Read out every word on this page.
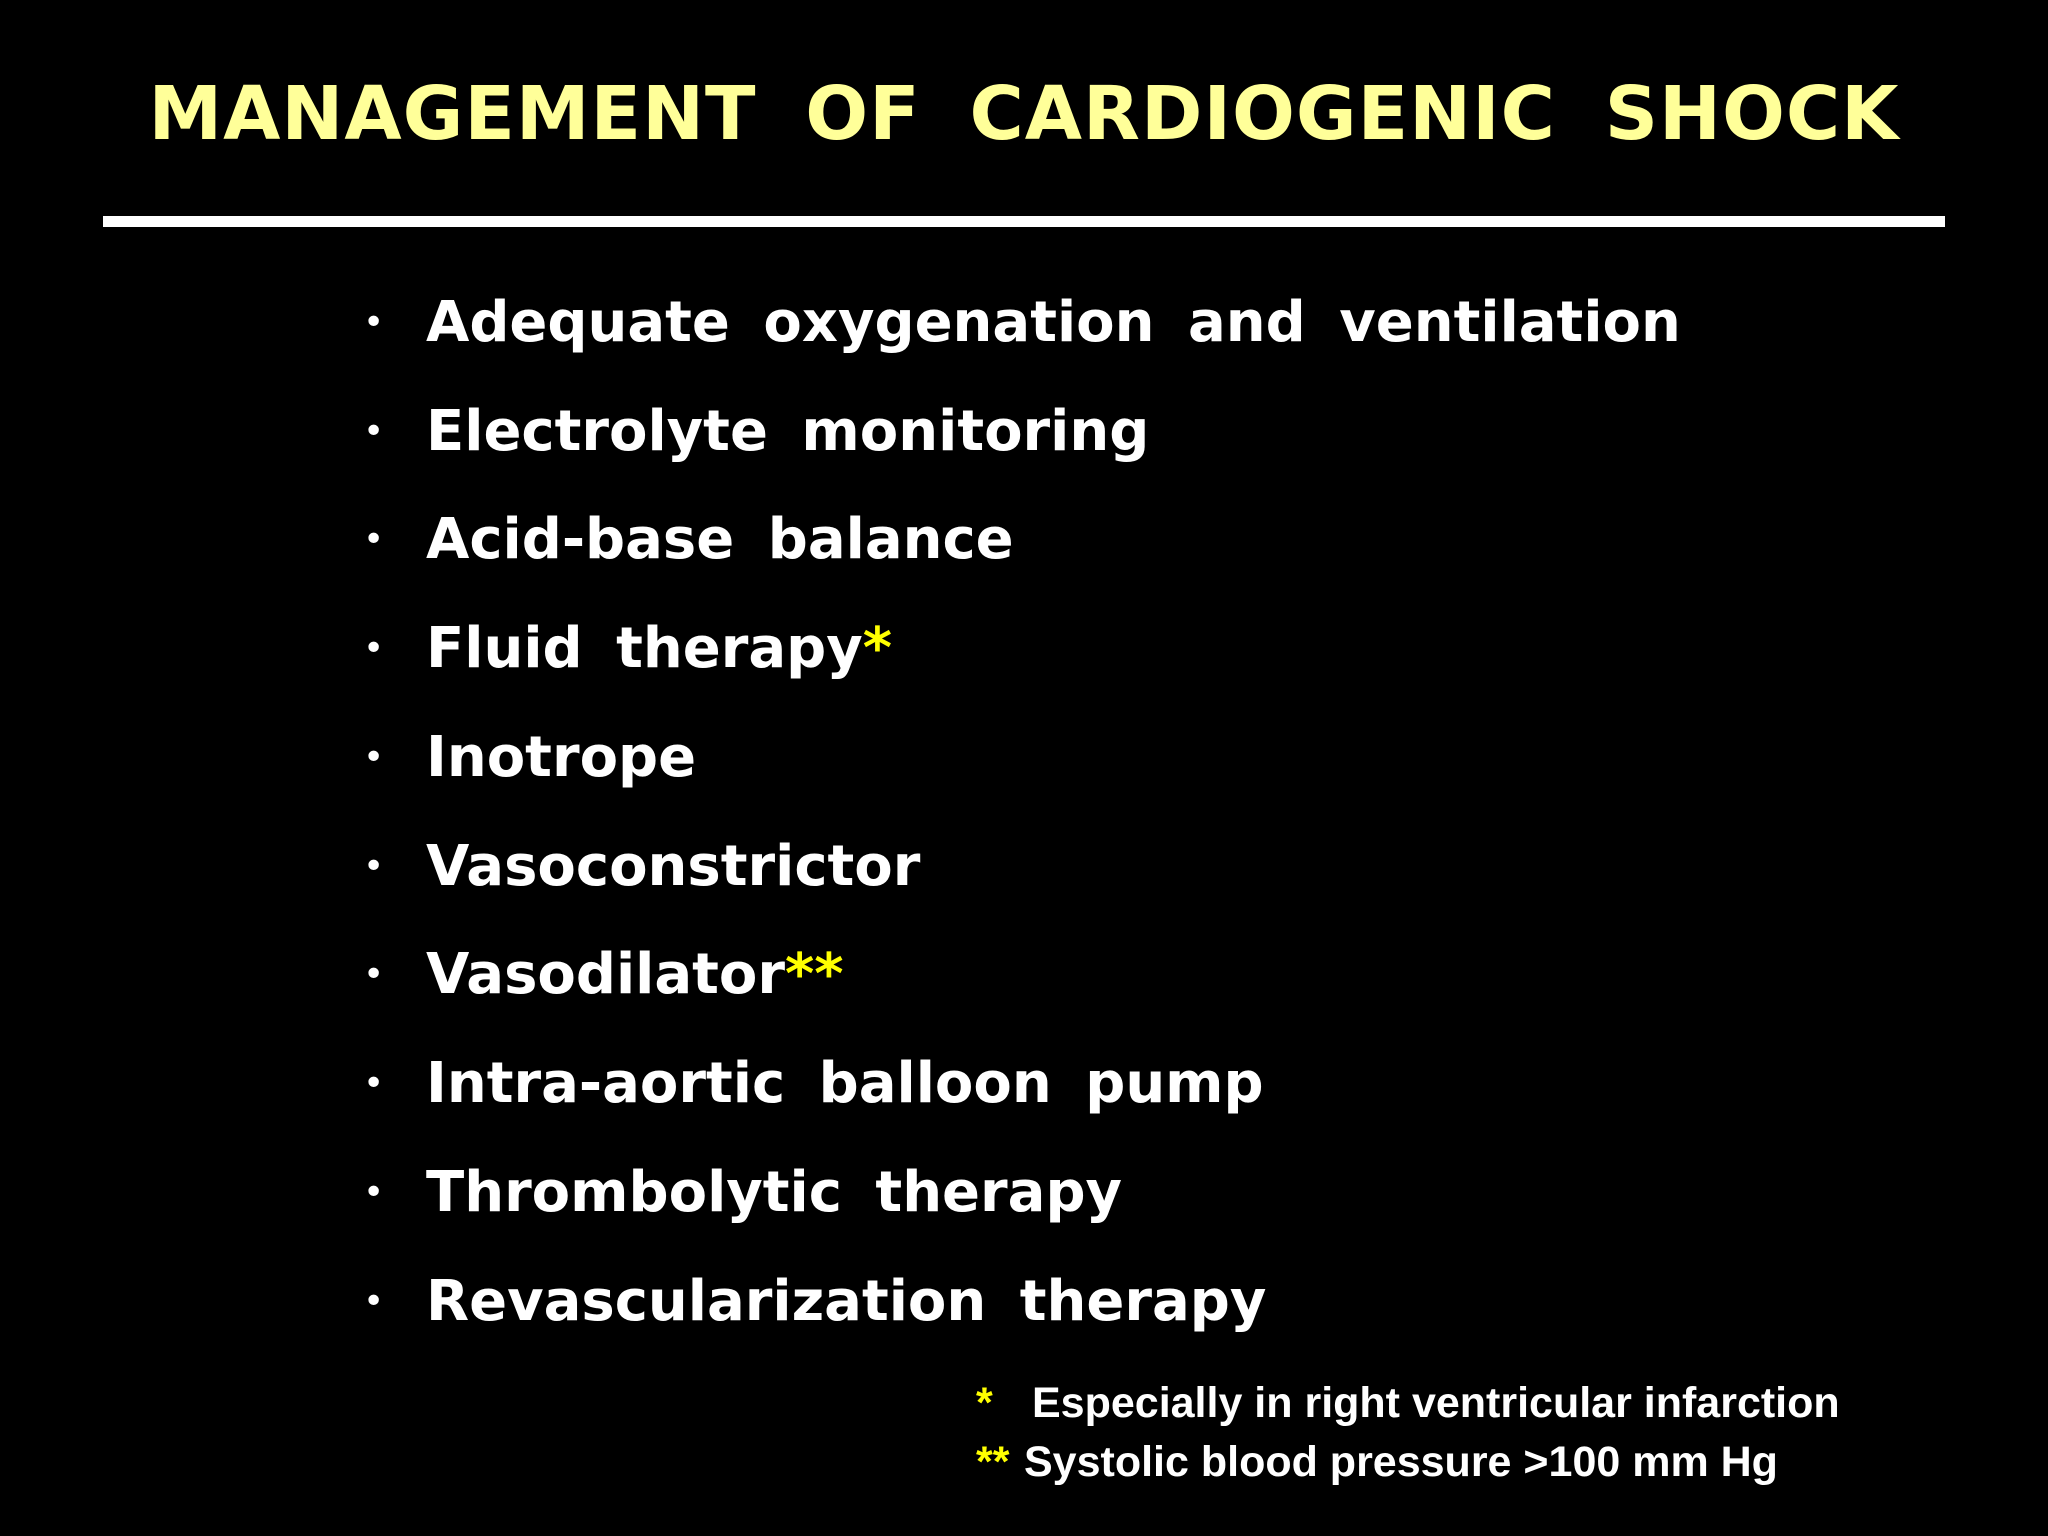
MANAGEMENT OF CARDIOGENIC SHOCK
• Adequate oxygenation and ventilation
• Electrolyte monitoring
• Acid-base balance
• Fluid therapy*
• Inotrope
• Vasoconstrictor
• Vasodilator**
• Intra-aortic balloon pump
• Thrombolytic therapy
• Revascularization therapy
* Especially in right ventricular infarction
** Systolic blood pressure >100 mm Hg
